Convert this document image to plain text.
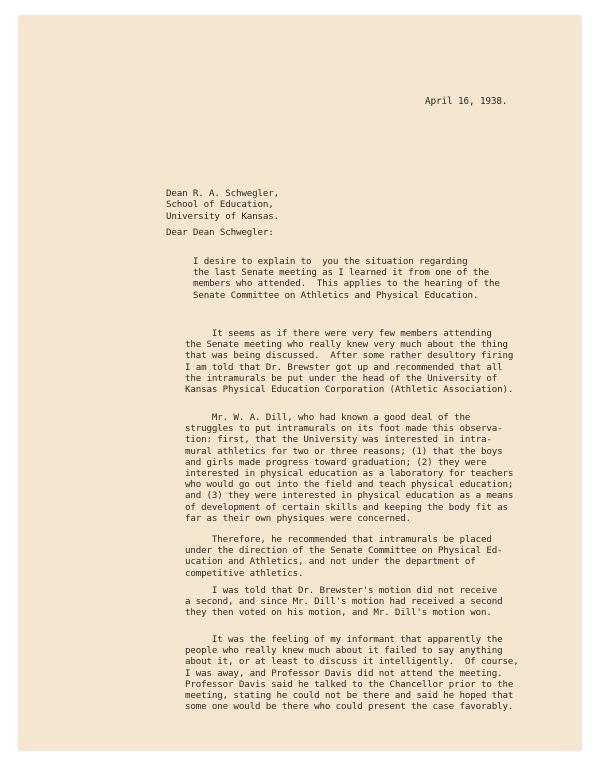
April 16, 1938.
Dean R. A. Schwegler,
School of Education,
University of Kansas.
Dear Dean Schwegler:
I desire to explain to  you the situation regarding
the last Senate meeting as I learned it from one of the
members who attended.  This applies to the hearing of the
Senate Committee on Athletics and Physical Education.
It seems as if there were very few members attending
the Senate meeting who really knew very much about the thing
that was being discussed.  After some rather desultory firing
I am told that Dr. Brewster got up and recommended that all
the intramurals be put under the head of the University of
Kansas Physical Education Corporation (Athletic Association).
Mr. W. A. Dill, who had known a good deal of the
struggles to put intramurals on its foot made this observa-
tion: first, that the University was interested in intra-
mural athletics for two or three reasons; (1) that the boys
and girls made progress toward graduation; (2) they were
interested in physical education as a laboratory for teachers
who would go out into the field and teach physical education;
and (3) they were interested in physical education as a means
of development of certain skills and keeping the body fit as
far as their own physiques were concerned.
Therefore, he recommended that intramurals be placed
under the direction of the Senate Committee on Physical Ed-
ucation and Athletics, and not under the department of
competitive athletics.
I was told that Dr. Brewster's motion did not receive
a second, and since Mr. Dill's motion had received a second
they then voted on his motion, and Mr. Dill's motion won.
It was the feeling of my informant that apparently the
people who really knew much about it failed to say anything
about it, or at least to discuss it intelligently.  Of course,
I was away, and Professor Davis did not attend the meeting.
Professor Davis said he talked to the Chancellor prior to the
meeting, stating he could not be there and said he hoped that
some one would be there who could present the case favorably.
